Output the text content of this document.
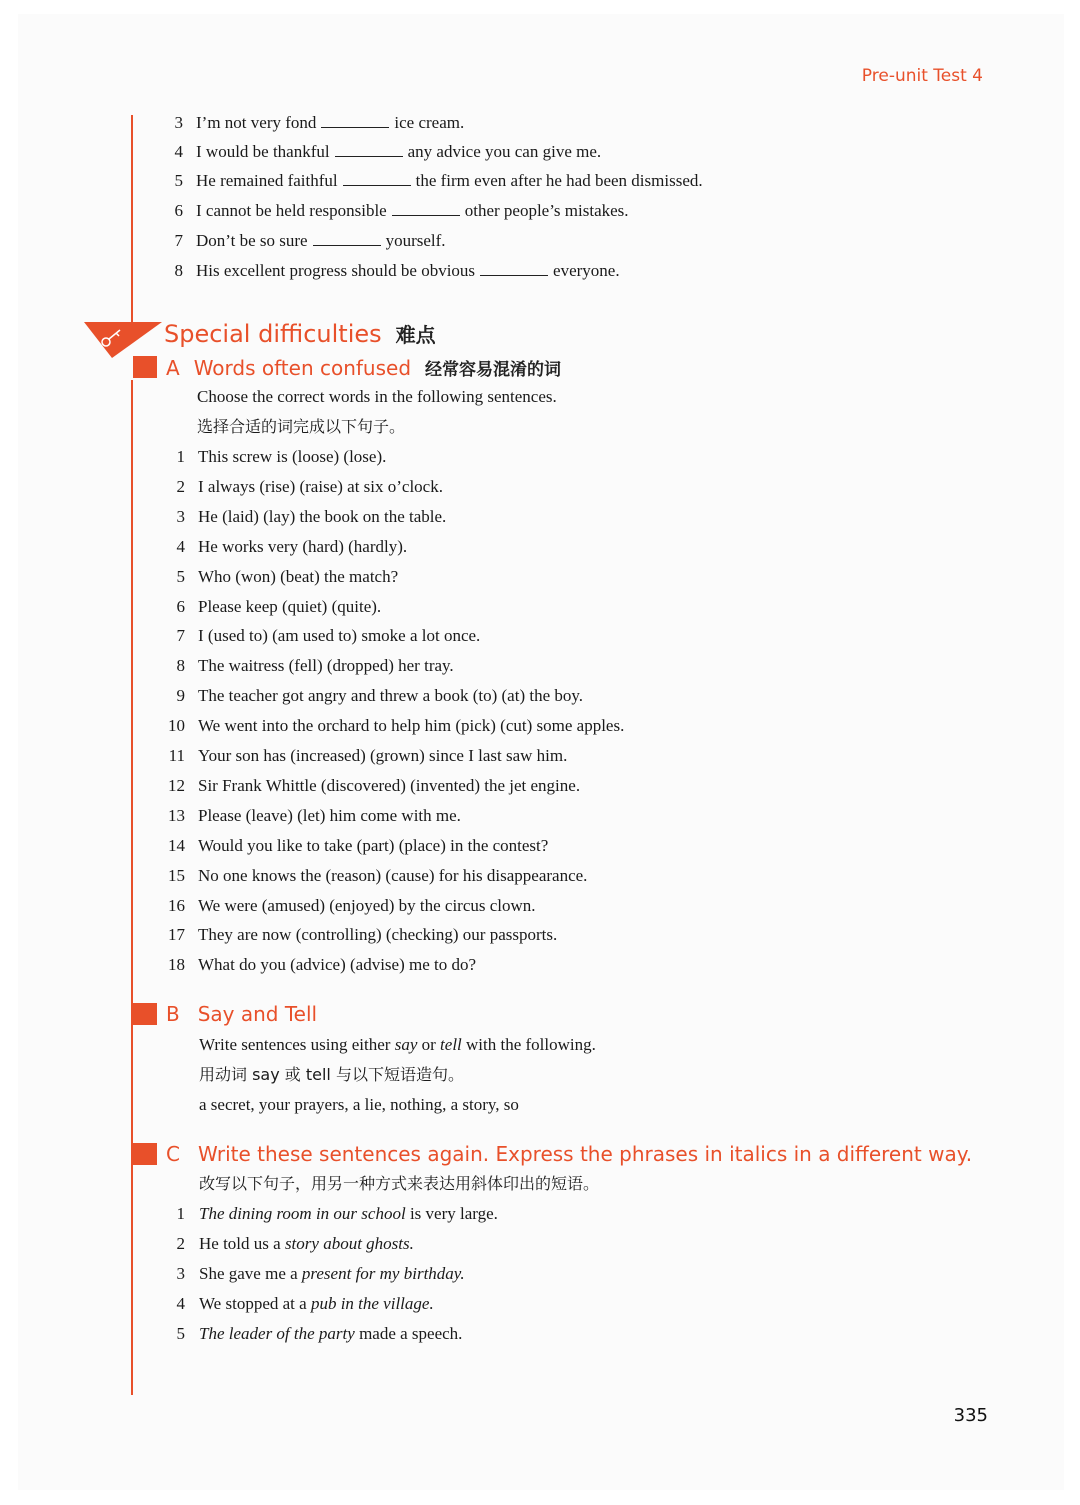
Pre-unit Test 4
3 I’m not very fond	ice cream.
4 I would be thankful	any advice you can give me.
5 He remained faithful	the firm even after he had been dismissed.
6 I cannot be held responsible	other people’s mistakes.
7 Don’t be so sure	yourself.
8 His excellent progress should be obvious	everyone.
Special difficulties 难点
A Words often confused 经常容易混淆的词
Choose the correct words in the following sentences.
选择合适的词完成以下句子。
1 This screw is (loose) (lose).
2 I always (rise) (raise) at six o’clock.
3 He (laid) (lay) the book on the table.
4 He works very (hard) (hardly).
5 Who (won) (beat) the match?
6 Please keep (quiet) (quite).
7 I (used to) (am used to) smoke a lot once.
8 The waitress (fell) (dropped) her tray.
9 The teacher got angry and threw a book (to) (at) the boy.
10 We went into the orchard to help him (pick) (cut) some apples.
11 Your son has (increased) (grown) since I last saw him.
12 Sir Frank Whittle (discovered) (invented) the jet engine.
13 Please (leave) (let) him come with me.
14 Would you like to take (part) (place) in the contest?
15 No one knows the (reason) (cause) for his disappearance.
16 We were (amused) (enjoyed) by the circus clown.
17 They are now (controlling) (checking) our passports.
18 What do you (advice) (advise) me to do?
B Say and Tell
Write sentences using either say or tell with the following.
用动词 say 或 tell 与以下短语造句。
a secret, your prayers, a lie, nothing, a story, so
C Write these sentences again. Express the phrases in italics in a different way.
改写以下句子，用另一种方式来表达用斜体印出的短语。
1 The dining room in our school is very large.
2 He told us a story about ghosts.
3 She gave me a present for my birthday.
4 We stopped at a pub in the village.
5 The leader of the party made a speech.
335
